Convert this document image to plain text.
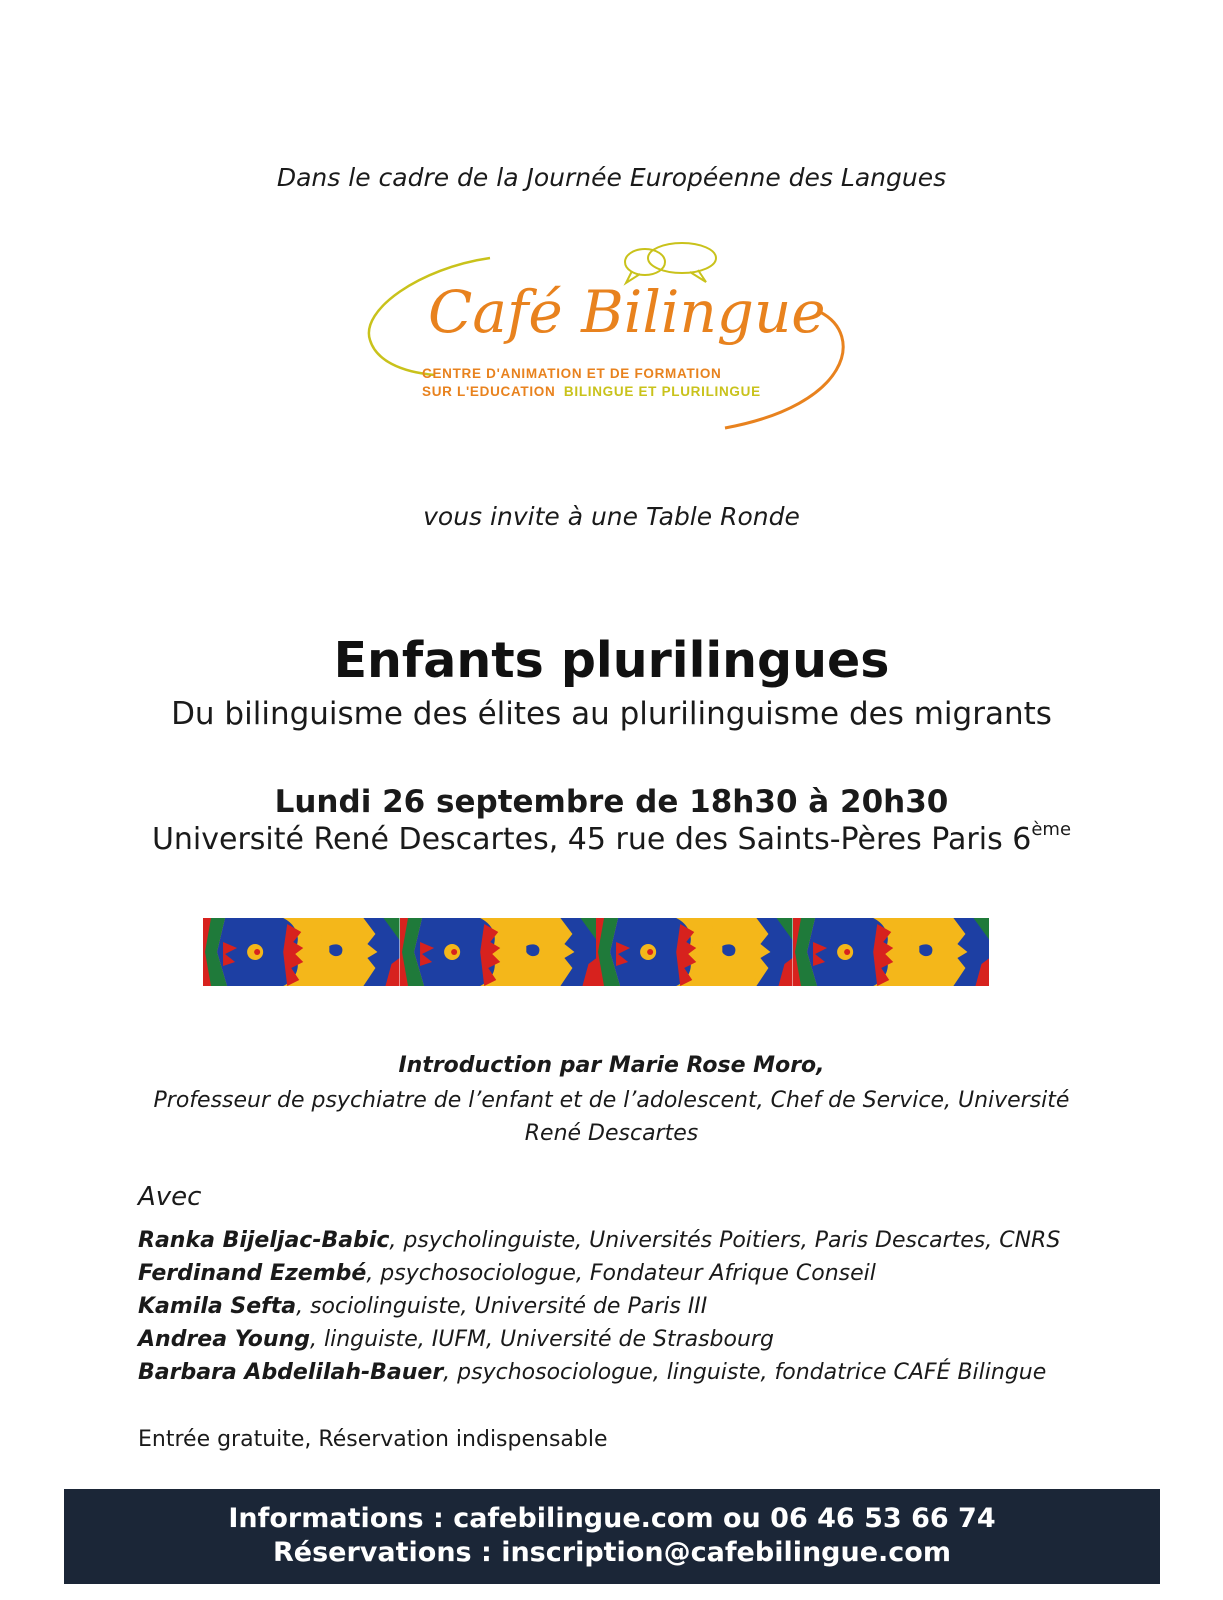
Dans le cadre de la Journée Européenne des Langues
Café Bilingue
CENTRE D'ANIMATION ET DE FORMATION
SUR L'EDUCATION BILINGUE ET PLURILINGUE
vous invite à une Table Ronde
Enfants plurilingues
Du bilinguisme des élites au plurilinguisme des migrants
Lundi 26 septembre de 18h30 à 20h30
Université René Descartes, 45 rue des Saints-Pères Paris 6ème
Introduction par Marie Rose Moro,
Professeur de psychiatre de l’enfant et de l’adolescent, Chef de Service, Université René Descartes
Avec
Ranka Bijeljac-Babic, psycholinguiste, Universités Poitiers, Paris Descartes, CNRS
Ferdinand Ezembé, psychosociologue, Fondateur Afrique Conseil
Kamila Sefta, sociolinguiste, Université de Paris III
Andrea Young, linguiste, IUFM, Université de Strasbourg
Barbara Abdelilah-Bauer, psychosociologue, linguiste, fondatrice CAFÉ Bilingue
Entrée gratuite, Réservation indispensable
Informations : cafebilingue.com ou 06 46 53 66 74
Réservations : inscription@cafebilingue.com
